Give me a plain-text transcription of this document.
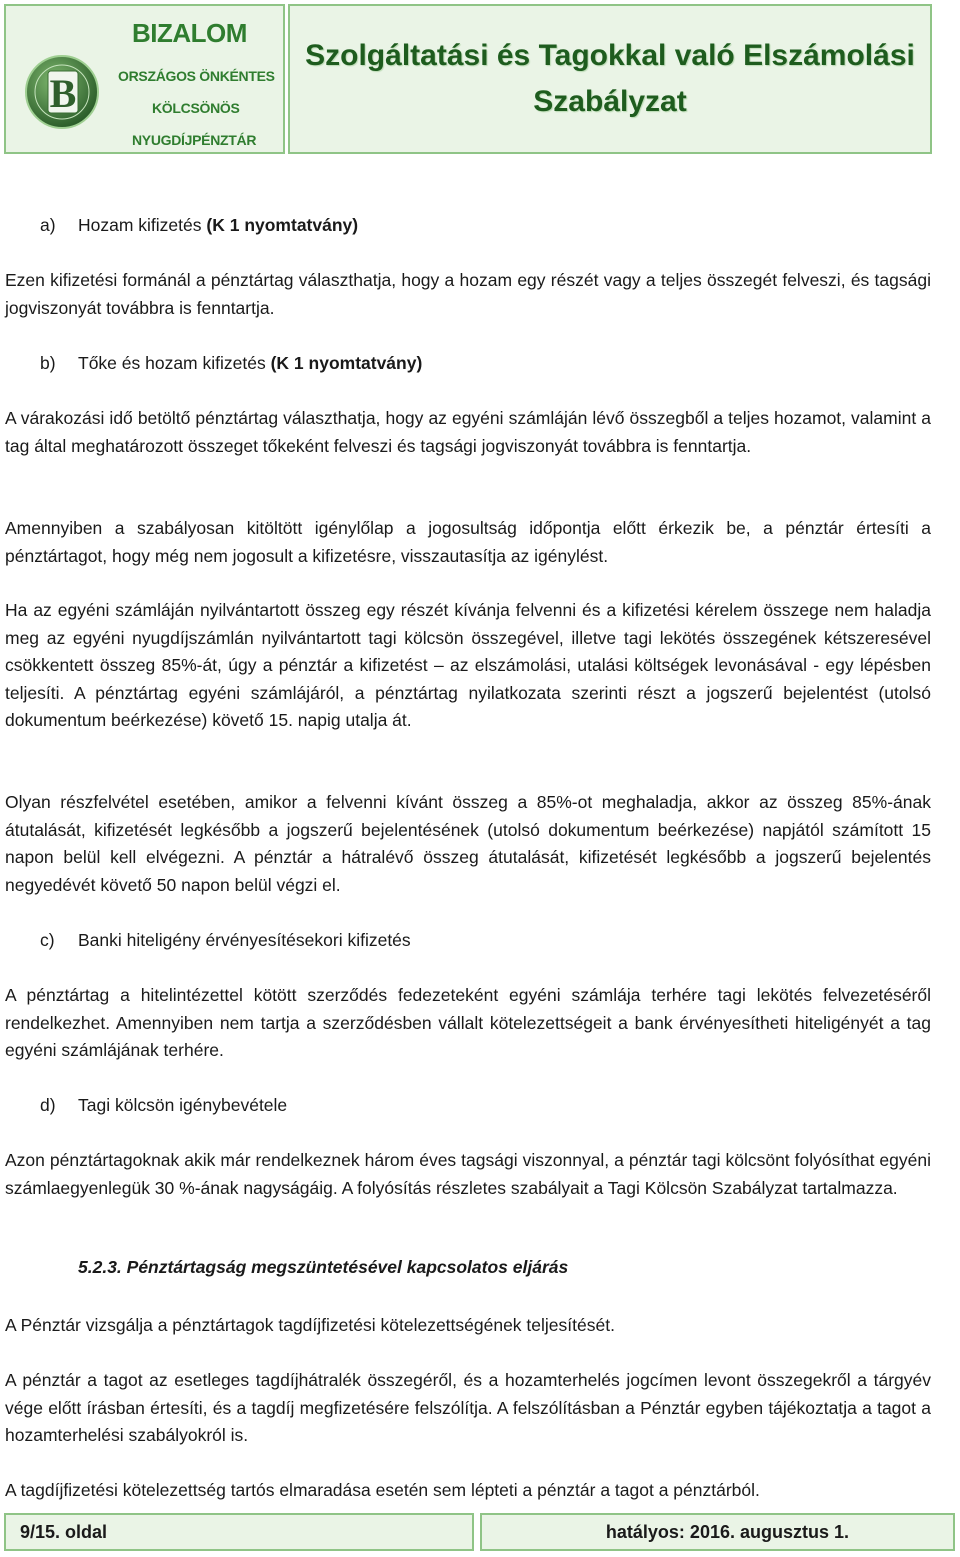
B
BIZALOM
ORSZÁGOS ÖNKÉNTES
KÖLCSÖNÖS
NYUGDÍJPÉNZTÁR
Szolgáltatási és Tagokkal való Elszámolási
Szabályzat
a) Hozam kifizetés (K 1 nyomtatvány)
Ezen kifizetési formánál a pénztártag választhatja, hogy a hozam egy részét vagy a teljes összegét felveszi, és tagsági jogviszonyát továbbra is fenntartja.
b) Tőke és hozam kifizetés (K 1 nyomtatvány)
A várakozási idő betöltő pénztártag választhatja, hogy az egyéni számláján lévő összegből a teljes hozamot, valamint a tag által meghatározott összeget tőkeként felveszi és tagsági jogviszonyát továbbra is fenntartja.
Amennyiben a szabályosan kitöltött igénylőlap a jogosultság időpontja előtt érkezik be, a pénztár értesíti a pénztártagot, hogy még nem jogosult a kifizetésre, visszautasítja az igénylést.
Ha az egyéni számláján nyilvántartott összeg egy részét kívánja felvenni és a kifizetési kérelem összege nem haladja meg az egyéni nyugdíjszámlán nyilvántartott tagi kölcsön összegével, illetve tagi lekötés összegének kétszeresével csökkentett összeg 85%-át, úgy a pénztár a kifizetést – az elszámolási, utalási költségek levonásával - egy lépésben teljesíti. A pénztártag egyéni számlájáról, a pénztártag nyilatkozata szerinti részt a jogszerű bejelentést (utolsó dokumentum beérkezése) követő 15. napig utalja át.
Olyan részfelvétel esetében, amikor a felvenni kívánt összeg a 85%-ot meghaladja, akkor az összeg 85%-ának átutalását, kifizetését legkésőbb a jogszerű bejelentésének (utolsó dokumentum beérkezése) napjától számított 15 napon belül kell elvégezni. A pénztár a hátralévő összeg átutalását, kifizetését legkésőbb a jogszerű bejelentés negyedévét követő 50 napon belül végzi el.
c) Banki hiteligény érvényesítésekori kifizetés
A pénztártag a hitelintézettel kötött szerződés fedezeteként egyéni számlája terhére tagi lekötés felvezetéséről rendelkezhet. Amennyiben nem tartja a szerződésben vállalt kötelezettségeit a bank érvényesítheti hiteligényét a tag egyéni számlájának terhére.
d) Tagi kölcsön igénybevétele
Azon pénztártagoknak akik már rendelkeznek három éves tagsági viszonnyal, a pénztár tagi kölcsönt folyósíthat egyéni számlaegyenlegük 30 %-ának nagyságáig. A folyósítás részletes szabályait a Tagi Kölcsön Szabályzat tartalmazza.
5.2.3. Pénztártagság megszüntetésével kapcsolatos eljárás
A Pénztár vizsgálja a pénztártagok tagdíjfizetési kötelezettségének teljesítését.
A pénztár a tagot az esetleges tagdíjhátralék összegéről, és a hozamterhelés jogcímen levont összegekről a tárgyév vége előtt írásban értesíti, és a tagdíj megfizetésére felszólítja. A felszólításban a Pénztár egyben tájékoztatja a tagot a hozamterhelési szabályokról is.
A tagdíjfizetési kötelezettség tartós elmaradása esetén sem lépteti a pénztár a tagot a pénztárból.
9/15. oldal	hatályos: 2016. augusztus 1.
